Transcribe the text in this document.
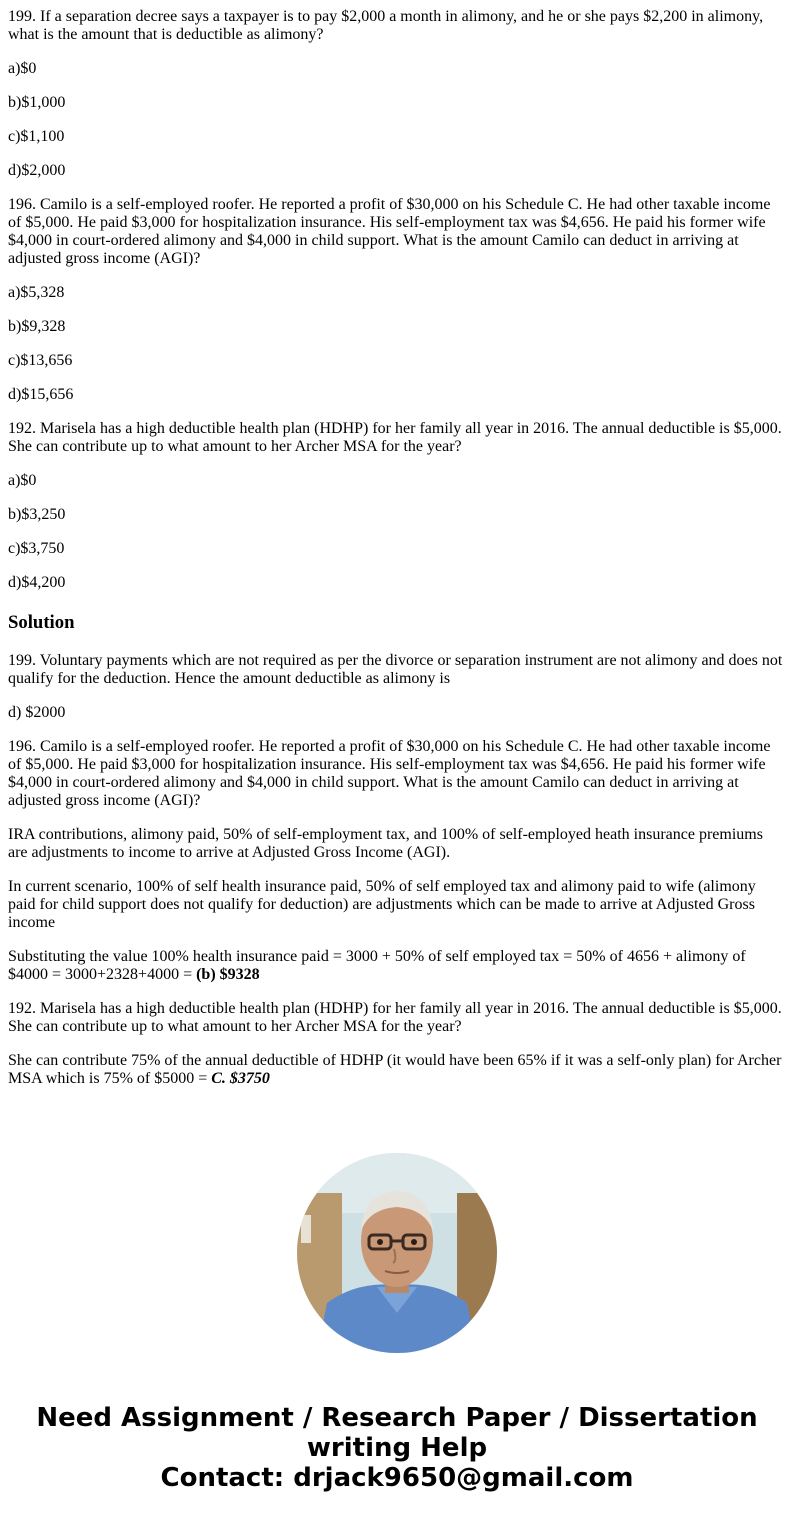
199. If a separation decree says a taxpayer is to pay $2,000 a month in alimony, and he or she pays $2,200 in alimony, what is the amount that is deductible as alimony?

a)$0

b)$1,000

c)$1,100

d)$2,000

196. Camilo is a self-employed roofer. He reported a profit of $30,000 on his Schedule C. He had other taxable income of $5,000. He paid $3,000 for hospitalization insurance. His self-employment tax was $4,656. He paid his former wife $4,000 in court-ordered alimony and $4,000 in child support. What is the amount Camilo can deduct in arriving at adjusted gross income (AGI)?

a)$5,328

b)$9,328

c)$13,656

d)$15,656

192. Marisela has a high deductible health plan (HDHP) for her family all year in 2016. The annual deductible is $5,000. She can contribute up to what amount to her Archer MSA for the year?

a)$0

b)$3,250

c)$3,750

d)$4,200

Solution

199. Voluntary payments which are not required as per the divorce or separation instrument are not alimony and does not qualify for the deduction. Hence the amount deductible as alimony is

d) $2000

196. Camilo is a self-employed roofer. He reported a profit of $30,000 on his Schedule C. He had other taxable income of $5,000. He paid $3,000 for hospitalization insurance. His self-employment tax was $4,656. He paid his former wife $4,000 in court-ordered alimony and $4,000 in child support. What is the amount Camilo can deduct in arriving at adjusted gross income (AGI)?

IRA contributions, alimony paid, 50% of self-employment tax, and 100% of self-employed heath insurance premiums are adjustments to income to arrive at Adjusted Gross Income (AGI).

In current scenario, 100% of self health insurance paid, 50% of self employed tax and alimony paid to wife (alimony paid for child support does not qualify for deduction) are adjustments which can be made to arrive at Adjusted Gross income

Substituting the value 100% health insurance paid = 3000 + 50% of self employed tax = 50% of 4656 + alimony of $4000 = 3000+2328+4000 = (b) $9328

192. Marisela has a high deductible health plan (HDHP) for her family all year in 2016. The annual deductible is $5,000. She can contribute up to what amount to her Archer MSA for the year?

She can contribute 75% of the annual deductible of HDHP (it would have been 65% if it was a self-only plan) for Archer MSA which is 75% of $5000 = C. $3750

Need Assignment / Research Paper / Dissertation
writing Help
Contact: drjack9650@gmail.com
